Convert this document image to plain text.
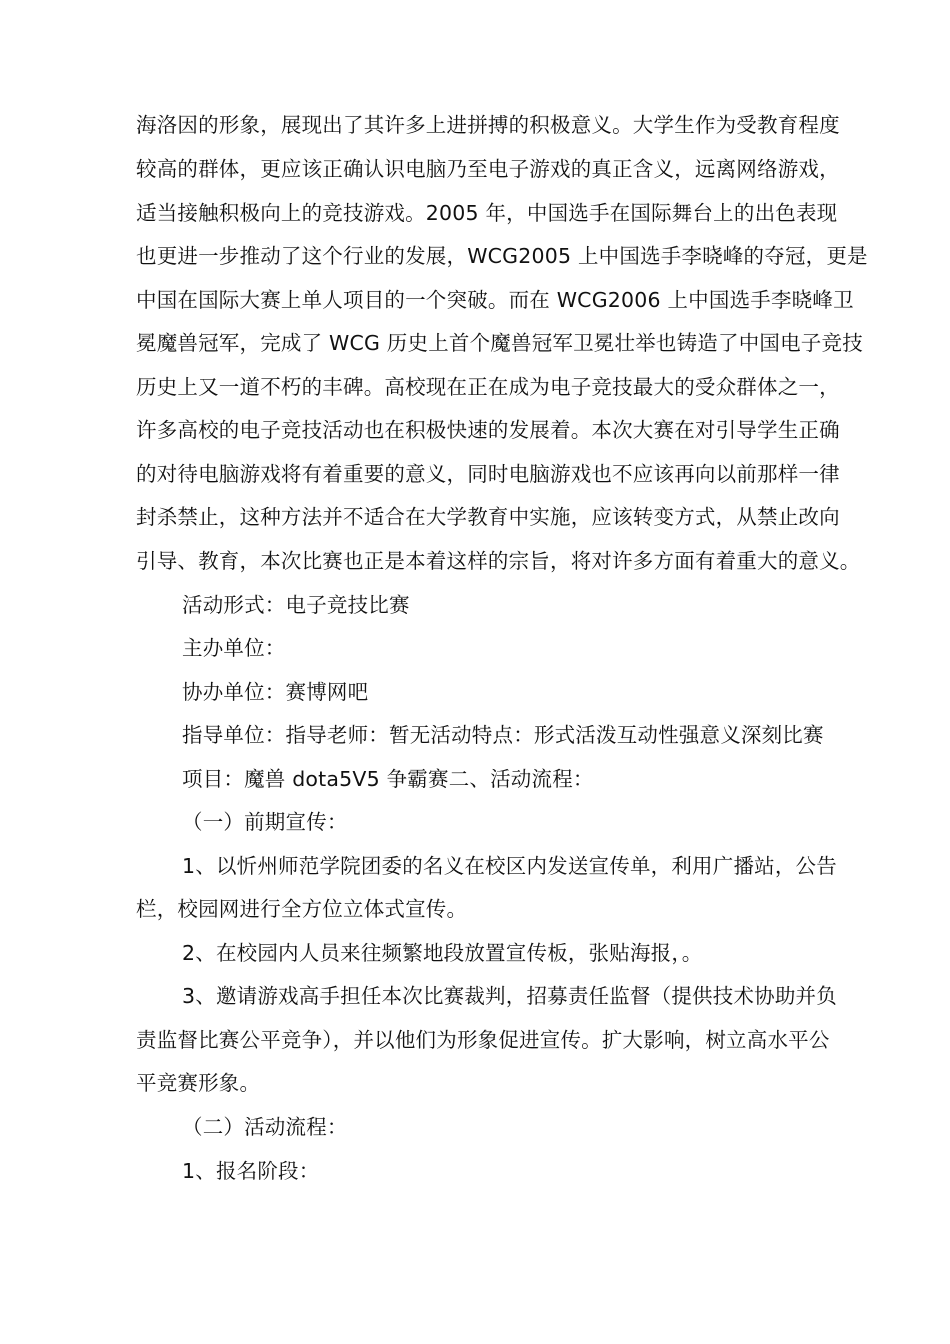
海洛因的形象，展现出了其许多上进拼搏的积极意义。大学生作为受教育程度
较高的群体，更应该正确认识电脑乃至电子游戏的真正含义，远离网络游戏，
适当接触积极向上的竞技游戏。2005 年，中国选手在国际舞台上的出色表现
也更进一步推动了这个行业的发展，WCG2005 上中国选手李晓峰的夺冠，更是
中国在国际大赛上单人项目的一个突破。而在 WCG2006 上中国选手李晓峰卫
冕魔兽冠军，完成了 WCG 历史上首个魔兽冠军卫冕壮举也铸造了中国电子竞技
历史上又一道不朽的丰碑。高校现在正在成为电子竞技最大的受众群体之一，
许多高校的电子竞技活动也在积极快速的发展着。本次大赛在对引导学生正确
的对待电脑游戏将有着重要的意义，同时电脑游戏也不应该再向以前那样一律
封杀禁止，这种方法并不适合在大学教育中实施，应该转变方式，从禁止改向
引导、教育，本次比赛也正是本着这样的宗旨，将对许多方面有着重大的意义。
活动形式：电子竞技比赛
主办单位：
协办单位：赛博网吧
指导单位：指导老师：暂无活动特点：形式活泼互动性强意义深刻比赛
项目：魔兽 dota5V5 争霸赛二、活动流程：
（一）前期宣传：
1、以忻州师范学院团委的名义在校区内发送宣传单，利用广播站，公告
栏，校园网进行全方位立体式宣传。
2、在校园内人员来往频繁地段放置宣传板，张贴海报，。
3、邀请游戏高手担任本次比赛裁判，招募责任监督（提供技术协助并负
责监督比赛公平竞争），并以他们为形象促进宣传。扩大影响，树立高水平公
平竞赛形象。
（二）活动流程：
1、报名阶段：
